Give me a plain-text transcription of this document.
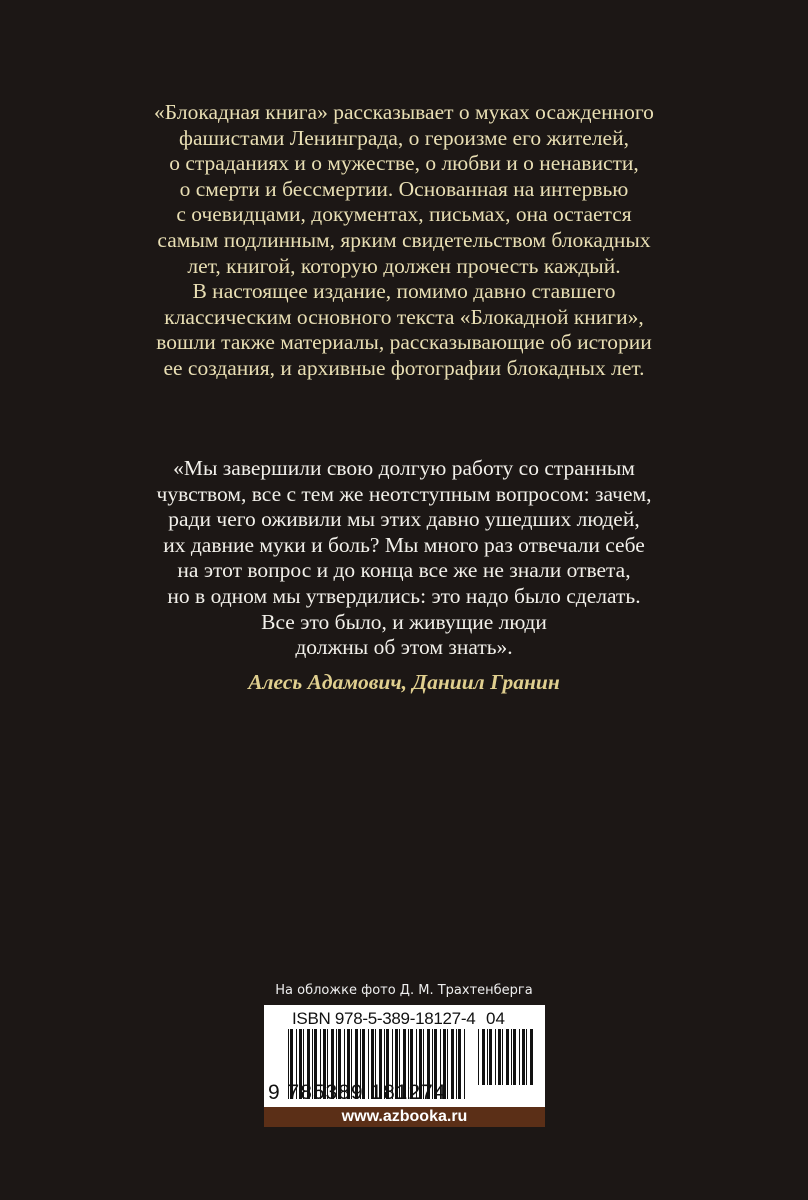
«Блокадная книга» рассказывает о муках осажденного
фашистами Ленинграда, о героизме его жителей,
о страданиях и о мужестве, о любви и о ненависти,
о смерти и бессмертии. Основанная на интервью
с очевидцами, документах, письмах, она остается
самым подлинным, ярким свидетельством блокадных
лет, книгой, которую должен прочесть каждый.
В настоящее издание, помимо давно ставшего
классическим основного текста «Блокадной книги»,
вошли также материалы, рассказывающие об истории
ее создания, и архивные фотографии блокадных лет.
«Мы завершили свою долгую работу со странным
чувством, все с тем же неотступным вопросом: зачем,
ради чего оживили мы этих давно ушедших людей,
их давние муки и боль? Мы много раз отвечали себе
на этот вопрос и до конца все же не знали ответа,
но в одном мы утвердились: это надо было сделать.
Все это было, и живущие люди
должны об этом знать».
Алесь Адамович, Даниил Гранин
На обложке фото Д. М. Трахтенберга
ISBN 978-5-389-18127-4 04
9 785389 181274
www.azbooka.ru
